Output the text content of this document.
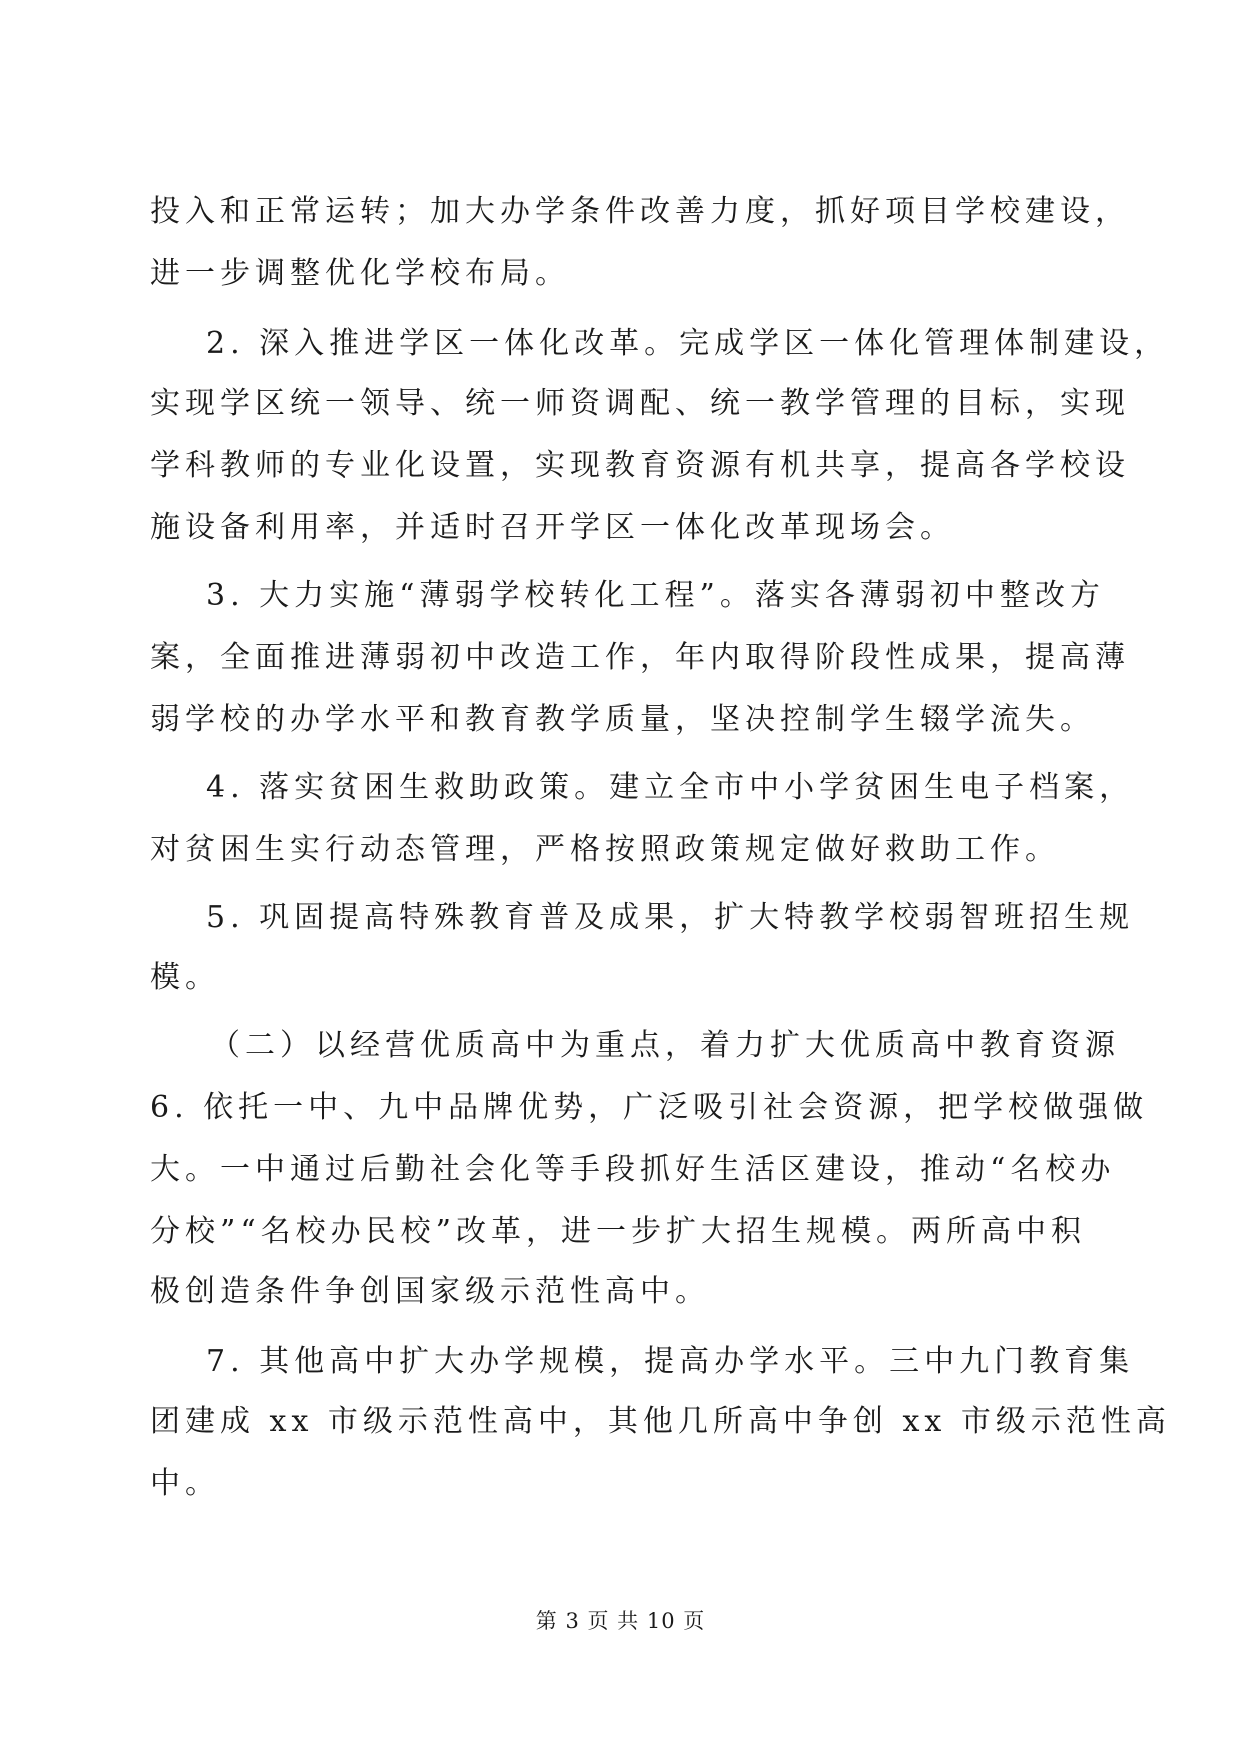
投入和正常运转；加大办学条件改善力度，抓好项目学校建设，
进一步调整优化学校布局。
2. 深入推进学区一体化改革。完成学区一体化管理体制建设，
实现学区统一领导、统一师资调配、统一教学管理的目标，实现
学科教师的专业化设置，实现教育资源有机共享，提高各学校设
施设备利用率，并适时召开学区一体化改革现场会。
3. 大力实施“薄弱学校转化工程”。落实各薄弱初中整改方
案，全面推进薄弱初中改造工作，年内取得阶段性成果，提高薄
弱学校的办学水平和教育教学质量，坚决控制学生辍学流失。
4. 落实贫困生救助政策。建立全市中小学贫困生电子档案，
对贫困生实行动态管理，严格按照政策规定做好救助工作。
5. 巩固提高特殊教育普及成果，扩大特教学校弱智班招生规
模。
（二）以经营优质高中为重点，着力扩大优质高中教育资源
6. 依托一中、九中品牌优势，广泛吸引社会资源，把学校做强做
大。一中通过后勤社会化等手段抓好生活区建设，推动“名校办
分校”“名校办民校”改革，进一步扩大招生规模。两所高中积
极创造条件争创国家级示范性高中。
7. 其他高中扩大办学规模，提高办学水平。三中九门教育集
团建成 xx 市级示范性高中，其他几所高中争创 xx 市级示范性高
中。
第 3 页 共 10 页
